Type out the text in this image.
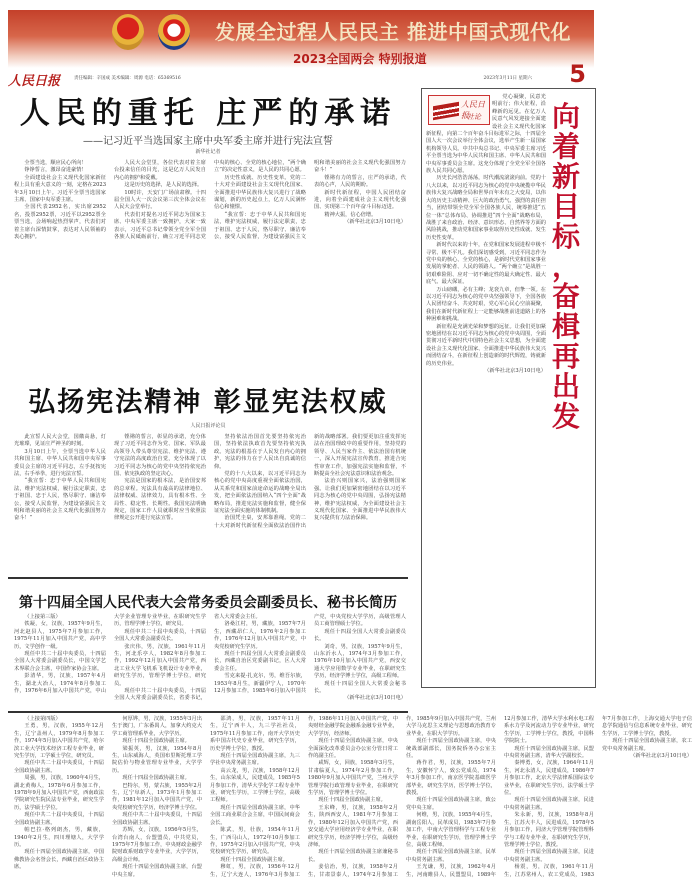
发展全过程人民民主 推进中国式现代化
2023全国两会 特别报道
人民日报	责任编辑：辛国成 美术编辑：周源 电话：65369516	2023年3月11日 星期六 5
人民的重托 庄严的承诺
——记习近平当选国家主席中央军委主席并进行宪法宣誓
新华社记者

全票当选，顺应民心所向！

铮铮誓言，激昂奋进豪情！

全面建设社会主义现代化国家新征程上具有重大意义的一刻，定格在2023年3月10日上午。习近平全票当选国家主席、国家中央军委主席。

全国代表2952名，实出席2952名，投票2952票，习近平以2952票全票当选，会场响起热烈掌声，代表们对着主席台深情鼓掌，表达对人民领袖的衷心拥护。

人民大会堂里，各位代表对着主席台投来信任的目光，这是亿万人民发自内心的拥护和爱戴。

这是历史的选择，是人民的选择。

10时许，天安门广场前肃穆。十四届全国人大一次会议第三次全体会议在人民大会堂举行。

代表们对提名习近平同志为国家主席、中央军委主席一致拥护，大家一致表示，习近平总书记带领全党全军全国各族人民砥砺前行，确立习近平同志党中央的核心、全党的核心地位，“两个确立”的决定性意义，是人民的共同心愿。

历史性成就、历史性变革。党的二十大对全面建设社会主义现代化国家、全面推进中华民族伟大复兴进行了战略谋划，新的历史起点上，亿万人民满怀信心和憧憬。

“我宣誓：忠于中华人民共和国宪法，维护宪法权威，履行法定职责，忠于祖国、忠于人民，恪尽职守、廉洁奉公，接受人民监督，为建设富强民主文明和谐美丽的社会主义现代化强国努力奋斗！”

铿锵有力的誓言，庄严的承诺，代表的心声，人民的期盼。

新时代新征程，中国人民团结奋进，向着全面建成社会主义现代化强国、实现第二个百年奋斗目标迈进。

精神大振，信心倍增。

（新华社北京3月10日电）

弘扬宪法精神 彰显宪法权威
人民日报评论员

此宣誓人民大会堂，国徽高悬，灯光璀璨，见证庄严神圣的时刻。

3月10日上午，全票当选中华人民共和国主席、中华人民共和国中央军事委员会主席的习近平同志，左手抚按宪法，右手举拳，进行宪法宣誓。

“我宣誓：忠于中华人民共和国宪法，维护宪法权威，履行法定职责，忠于祖国、忠于人民，恪尽职守、廉洁奉公，接受人民监督，为建设富强民主文明和谐美丽的社会主义现代化强国努力奋斗！”

铿锵的誓言，彰显的承诺，充分体现了习近平同志作为党、国家、军队最高领导人带头尊崇宪法、维护宪法、遵守宪法的高度政治自觉，充分体现了以习近平同志为核心的党中央坚持依宪治国、依宪执政的坚定决心。

宪法是国家的根本法，是治国安邦的总章程。宪法具有最高的法律地位、法律权威、法律效力，具有根本性、全局性、稳定性、长期性。我国宪法明确规定，国家工作人员就职时应当依照法律规定公开进行宪法宣誓。

坚持依法治国首先要坚持依宪治国，坚持依法执政首先要坚持依宪执政。宪法的根基在于人民发自内心的拥护，宪法的伟力在于人民出自真诚的信仰。

党的十八大以来，以习近平同志为核心的党中央高度重视全面依法治国，从关系党和国家前途命运的战略全局出发，把全面依法治国纳入“四个全面”战略布局，推进宪法实施和监督，健全保证宪法全面实施的体制机制。

治国凭圭臬，安邦靠准绳。党的二十大对新时代新征程全面依法治国作出新的战略部署。我们要更加注重发挥宪法在治国理政中的重要作用，坚持党的领导、人民当家作主、依法治国有机统一，深入开展宪法宣传教育，推进合宪性审查工作，加强宪法实施和监督，不断提高全社会宪法意识和法治观念。

法治兴则国家兴，法治强则国家强。让我们更加紧密地团结在以习近平同志为核心的党中央周围，弘扬宪法精神，维护宪法权威，为全面建设社会主义现代化国家、全面推进中华民族伟大复兴提供有力法治保障。

第十四届全国人民代表大会常务委员会副委员长、秘书长简历

（上接第三版）

铁凝，女，汉族，1957年9月生，河北赵县人，1975年7月参加工作，1975年11月加入中国共产党，高中学历，文学创作一级。

现任中共二十届中央委员，十四届全国人大常委会副委员长，中国文学艺术界联合会主席，中国作家协会主席。

彭清华，男，汉族，1957年4月生，湖北大冶人，1974年8月参加工作，1976年6月加入中国共产党，中山大学企业管理专业毕业，在职研究生学历，管理学博士学位，研究员。

现任中共二十届中央委员，十四届全国人大常委会副委员长。

张庆伟，男，汉族，1961年11月生，河北乐亭人，1982年8月参加工作，1992年12月加入中国共产党，西北工业大学飞机系飞机设计专业毕业，研究生学历，管理学博士学位，研究员。

现任中共二十届中央委员，十四届全国人大常委会副委员长，省委书记，省人大常委会主任。

洛桑江村，男，藏族，1957年7月生，西藏昂仁人，1976年2月参加工作，1976年12月加入中国共产党，中央党校研究生学历。

现任十四届全国人大常委会副委员长，西藏自治区党委副书记，区人大常委会主任。

雪克来提·扎克尔，男，维吾尔族，1953年8月生，新疆伊宁人，1970年12月参加工作，1985年6月加入中国共产党，中央党校大学学历，高级管理人员工商管理硕士学位。

现任十四届全国人大常委会副委员长。

刘奇，男，汉族，1957年9月生，山东沂水人，1974年3月参加工作，1976年10月加入中国共产党，西安交通大学应用数学专业毕业，在职研究生学历，经济学博士学位，高级工程师。

现任十四届全国人大常委会秘书长。

（新华社北京3月10日电）

人民日报
社论	向
着
新
目
标
，
奋
楫
再
出
发

党心凝聚，民意光明前行；伟大征程，沿峰新的远见。在亿万人民意气风发迎接全面建设社会主义现代化国家新征程，向第二个百年奋斗目标进军之际，十四届全国人大一次会议举行全体会议，选举产生新一届国家机构领导人员。中共中央总书记、中央军委主席习近平全票当选为中华人民共和国主席、中华人民共和国中央军事委员会主席。这充分体现了全党全军全国各族人民共同心愿。

历史长河浩浩荡荡，时代潮流滚滚向前。党的十八大以来，以习近平同志为核心的党中央统揽中华民族伟大复兴战略全局和世界百年未有之大变局，以伟大的历史主动精神、巨大的政治勇气、强烈的责任担当，团结带领全党全军全国各族人民，统筹推进“五位一体”总体布局、协调推进“四个全面”战略布局，战胜了来自政治、经济、意识形态、自然界等方面的风险挑战，推动党和国家事业取得历史性成就、发生历史性变革。

新时代以来的十年，在党和国家发展进程中极不寻常、极不平凡。我们深切感受到，习近平同志作为党中央的核心、全党的核心，是新时代党和国家事业发展的掌舵者、人民的领路人。“两个确立”是战胜一切艰难险阻、应对一切不确定性的最大确定性、最大底气、最大保证。

万山磅礴，必有主峰；龙衮九章，但挚一领。在以习近平同志为核心的党中央坚强领导下，全国各族人民团结奋斗、共克时艰，党心军心民心空前凝聚，我们在新时代新征程上一定能够战胜前进道路上的各种困难和挑战。

新征程是充满光荣和梦想的远征。让我们更加紧密地团结在以习近平同志为核心的党中央周围，全面贯彻习近平新时代中国特色社会主义思想，为全面建设社会主义现代化国家、全面推进中华民族伟大复兴而团结奋斗，在新征程上创造新的时代辉煌，铸就新的历史伟业。

（新华社北京3月10日电）

（上接第四版）

王勇，男，汉族，1955年12月生，辽宁盖州人，1979年8月参加工作，1974年5月加入中国共产党，哈尔滨工业大学技术经济工程专业毕业，研究生学历，工学硕士学位，研究员。

现任中共二十届中央委员，十四届全国政协副主席。

周强，男，汉族，1960年4月生，湖北黄梅人，1978年6月参加工作，1978年9月加入中国共产党，西南政法学院研究生院民法专业毕业，研究生学历，法学硕士学位。

现任中共二十届中央委员，十四届全国政协副主席。

帕巴拉·格列朗杰，男，藏族，1940年2月生，四川理塘人，大学学历。

现任十四届全国政协副主席，中国佛教协会名誉会长，西藏自治区政协主席。

何厚铧，男，汉族，1955年3月出生于澳门，广东番禺人，加拿大约克大学工商管理系毕业，大学学历。

现任十四届全国政协副主席。

梁振英，男，汉族，1954年8月生，山东威海人，英国布里斯托理工学院估价与物业管理专业毕业，大学学历。

现任十四届全国政协副主席。

巴特尔，男，蒙古族，1955年2月生，辽宁阜新人，1973年1月参加工作，1981年12月加入中国共产党，中央党校研究生学历，经济学博士学位。

现任中共二十届中央委员，十四届全国政协副主席。

苏辉，女，汉族，1956年5月生，台湾台南人，台盟盟员，中共党员，1975年7月参加工作，中央财政金融学院财政系财政学专业毕业，大学学历，高级会计师。

现任十四届全国政协副主席，台盟中央主席。

邵鸿，男，汉族，1957年11月生，辽宁西丰人，九三学社社员，1975年11月参加工作，南开大学历史系中国古代史专业毕业，研究生学历，历史学博士学位，教授。

现任十四届全国政协副主席，九三学社中央常务副主席。

高云龙，男，汉族，1958年12月生，山东荣成人，民建成员，1985年5月参加工作，清华大学化学工程专业毕业，研究生学历，工学博士学位，高级工程师。

现任十四届全国政协副主席，中华全国工商业联合会主席，中国民间商会会长。

陈武，男，壮族，1954年11月生，广西马山人，1972年10月参加工作，1975年2月加入中国共产党，中央党校研究生学历，研究员。

现任十四届全国政协副主席。

穆虹，男，汉族，1956年12月生，辽宁大连人，1976年3月参加工作，1986年11月加入中国共产党，中央财经金融学院金融系金融专业毕业，大学学历，经济师。

现任十四届全国政协副主席，中央全面深化改革委员会办公室分管日常工作的副主任。

咸辉，女，回族，1958年3月生，甘肃临夏人，1974年2月参加工作，1980年9月加入中国共产党，兰州大学管理学院行政管理专业毕业，在职研究生学历，管理学博士学位。

现任十四届全国政协副主席。

王东峰，男，汉族，1958年2月生，陕西西安人，1981年7月参加工作，1980年12月加入中国共产党，西安交通大学应用经济学专业毕业，在职研究生学历，经济学博士学位，高级经济师。

现任十四届全国政协副主席兼秘书长。

姜信治，男，汉族，1958年2月生，甘肃景泰人，1974年2月参加工作，1985年9月加入中国共产党，兰州大学马克思主义理论与思想政治教育专业毕业，在职大学学历。

现任十四届全国政协副主席，中央统战部副部长，国务院侨务办公室主任。

蒋作君，男，汉族，1955年7月生，安徽怀宁人，致公党成员，1974年3月参加工作，南京医学院基础医学部毕业，研究生学历，医学博士学位，教授。

现任十四届全国政协副主席，致公党中央主席。

何维，男，汉族，1955年4月生，湖南岳阳人，民革成员，1983年7月参加工作，中南大学管理科学与工程专业毕业，在职研究生学历，管理学博士学位，高级工程师。

现任十四届全国政协副主席，民革中央常务副主席。

王光谦，男，汉族，1962年4月生，河南睢县人，民盟盟员，1989年12月参加工作，清华大学水利水电工程系水力学及河流动力学专业毕业，研究生学历，工学博士学位，教授，中国科学院院士。

现任十四届全国政协副主席，民盟中央常务副主席，清华大学副校长。

秦博勇，女，汉族，1964年11月生，河北永清人，民建成员，1986年7月参加工作，北京大学法律系国际法专业毕业，在职研究生学历，法学硕士学位。

现任十四届全国政协副主席，民进中央常务副主席。

朱永新，男，汉族，1958年8月生，江苏大丰人，民进成员，1978年5月参加工作，同济大学管理学院管理科学与工程专业毕业，在职研究生学历，管理学博士学位，教授。

现任十四届全国政协副主席，民进中央常务副主席。

杨震，男，汉族，1961年11月生，江苏常州人，农工党成员，1983年7月参加工作，上海交通大学电子信息学院通信与信息系统专业毕业，研究生学历，工学博士学位，教授。

现任十四届全国政协副主席，农工党中央常务副主席。

（新华社北京3月10日电）
